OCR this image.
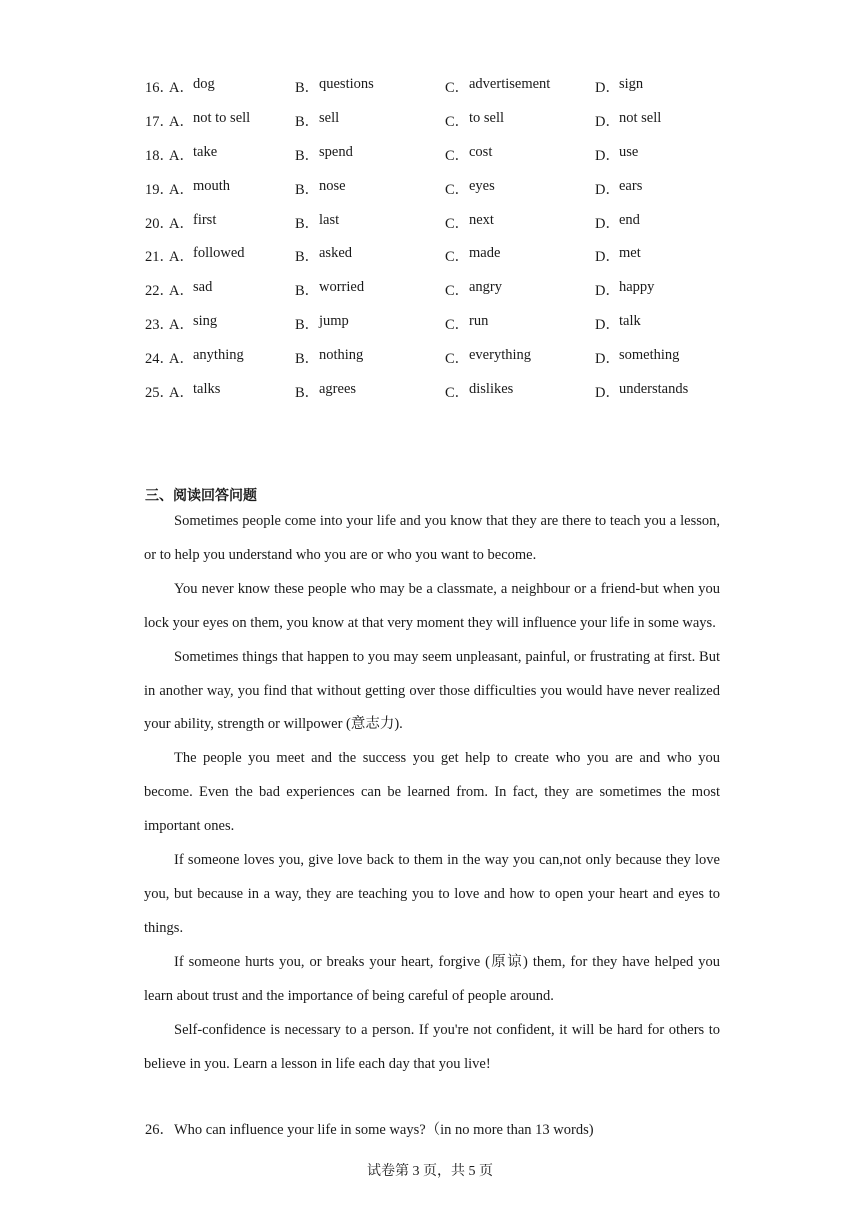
16．
A． dog	B． questions	C． advertisement	D． sign
17．
A． not to sell	B． sell	C． to sell	D． not sell
18．
A． take	B． spend	C． cost	D． use
19．
A． mouth	B． nose	C． eyes	D． ears
20．
A． first	B． last	C． next	D． end
21．
A． followed	B． asked	C． made	D． met
22．
A． sad	B． worried	C． angry	D． happy
23．
A． sing	B． jump	C． run	D． talk
24．
A． anything	B． nothing	C． everything	D． something
25．
A． talks	B． agrees	C． dislikes	D． understands
三、阅读回答问题

Sometimes people come into your life and you know that they are there to teach you a lesson, or to help you understand who you are or who you want to become.

You never know these people who may be a classmate, a neighbour or a friend-but when you lock your eyes on them, you know at that very moment they will influence your life in some ways.

Sometimes things that happen to you may seem unpleasant, painful, or frustrating at first. But in another way, you find that without getting over those difficulties you would have never realized your ability, strength or willpower (意志力).

The people you meet and the success you get help to create who you are and who you become. Even the bad experiences can be learned from. In fact, they are sometimes the most important ones.

If someone loves you, give love back to them in the way you can,not only because they love you, but because in a way, they are teaching you to love and how to open your heart and eyes to things.

If someone hurts you, or breaks your heart, forgive (原谅) them, for they have helped you learn about trust and the importance of being careful of people around.

Self-confidence is necessary to a person. If you're not confident, it will be hard for others to believe in you. Learn a lesson in life each day that you live!

26．Who can influence your life in some ways?（in no more than 13 words)
试卷第 3 页，共 5 页
